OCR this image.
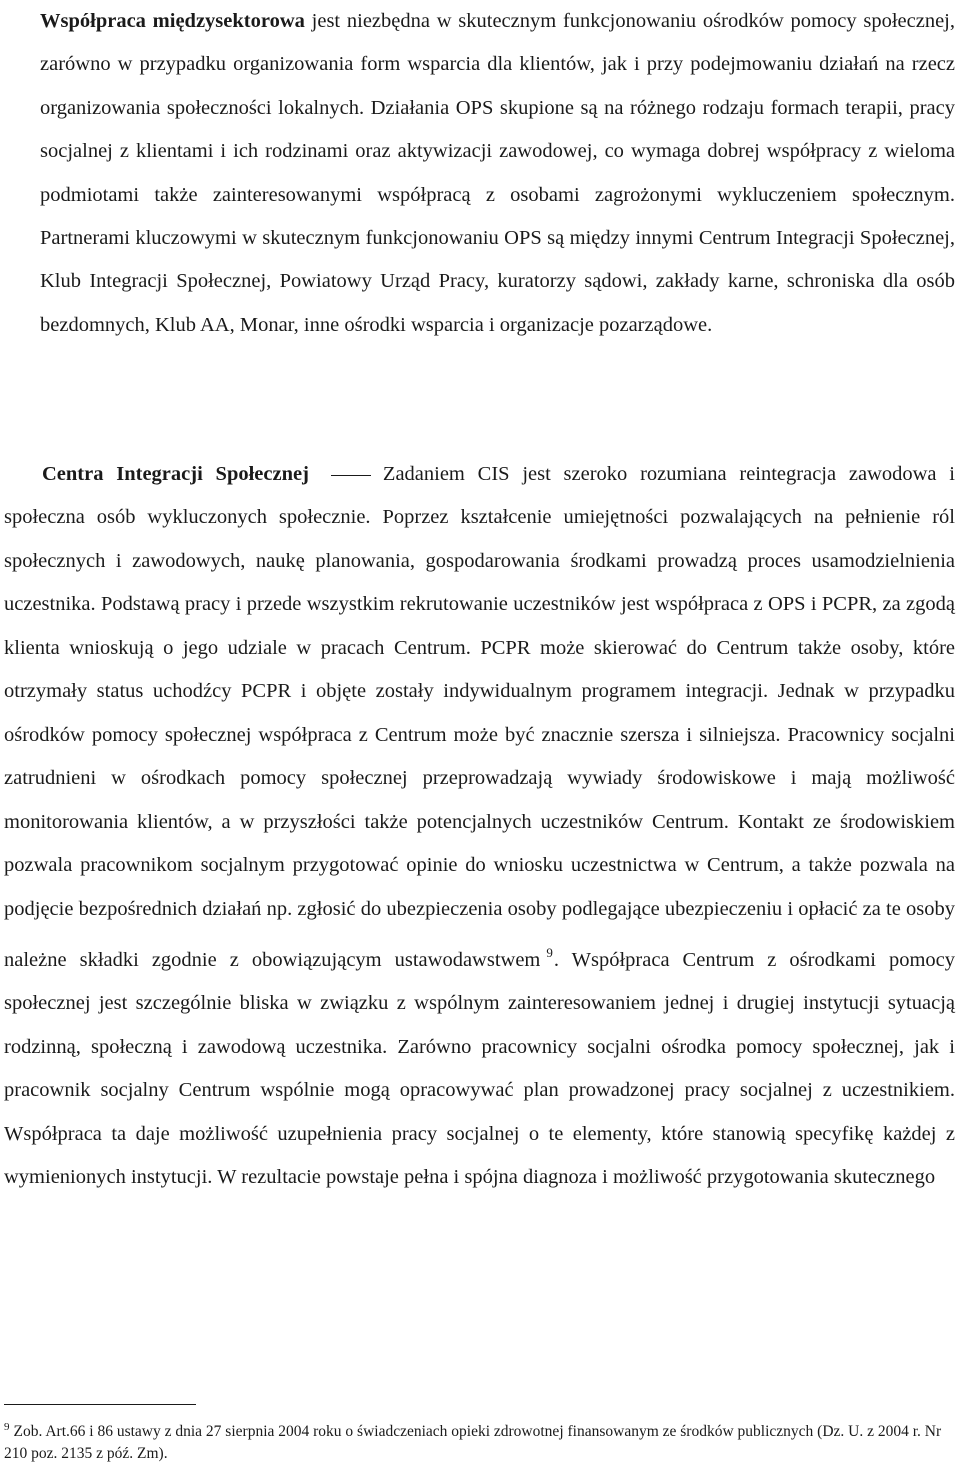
Współpraca międzysektorowa jest niezbędna w skutecznym funkcjonowaniu ośrodków pomocy społecznej, zarówno w przypadku organizowania form wsparcia dla klientów, jak i przy podejmowaniu działań na rzecz organizowania społeczności lokalnych. Działania OPS skupione są na różnego rodzaju formach terapii, pracy socjalnej z klientami i ich rodzinami oraz aktywizacji zawodowej, co wymaga dobrej współpracy z wieloma podmiotami także zainteresowanymi współpracą z osobami zagrożonymi wykluczeniem społecznym. Partnerami kluczowymi w skutecznym funkcjonowaniu OPS są między innymi Centrum Integracji Społecznej, Klub Integracji Społecznej, Powiatowy Urząd Pracy, kuratorzy sądowi, zakłady karne, schroniska dla osób bezdomnych, Klub AA, Monar, inne ośrodki wsparcia i organizacje pozarządowe.

Centra Integracji Społecznej	Zadaniem CIS jest szeroko rozumiana reintegracja zawodowa i społeczna osób wykluczonych społecznie. Poprzez kształcenie umiejętności pozwalających na pełnienie ról społecznych i zawodowych, naukę planowania, gospodarowania środkami prowadzą proces usamodzielnienia uczestnika. Podstawą pracy i przede wszystkim rekrutowanie uczestników jest współpraca z OPS i PCPR, za zgodą klienta wnioskują o jego udziale w pracach Centrum. PCPR może skierować do Centrum także osoby, które otrzymały status uchodźcy PCPR i objęte zostały indywidualnym programem integracji. Jednak w przypadku ośrodków pomocy społecznej współpraca z Centrum może być znacznie szersza i silniejsza. Pracownicy socjalni zatrudnieni w ośrodkach pomocy społecznej przeprowadzają wywiady środowiskowe i mają możliwość monitorowania klientów, a w przyszłości także potencjalnych uczestników Centrum. Kontakt ze środowiskiem pozwala pracownikom socjalnym przygotować opinie do wniosku uczestnictwa w Centrum, a także pozwala na podjęcie bezpośrednich działań np. zgłosić do ubezpieczenia osoby podlegające ubezpieczeniu i opłacić za te osoby należne składki zgodnie z obowiązującym ustawodawstwem $^9$. Współpraca Centrum z ośrodkami pomocy społecznej jest szczególnie bliska w związku z wspólnym zainteresowaniem jednej i drugiej instytucji sytuacją rodzinną, społeczną i zawodową uczestnika. Zarówno pracownicy socjalni ośrodka pomocy społecznej, jak i pracownik socjalny Centrum wspólnie mogą opracowywać plan prowadzonej pracy socjalnej z uczestnikiem. Współpraca ta daje możliwość uzupełnienia pracy socjalnej o te elementy, które stanowią specyfikę każdej z wymienionych instytucji. W rezultacie powstaje pełna i spójna diagnoza i możliwość przygotowania skutecznego

$^9$ Zob. Art.66 i 86 ustawy z dnia 27 sierpnia 2004 roku o świadczeniach opieki zdrowotnej finansowanym ze środków publicznych (Dz. U. z 2004 r. Nr 210 poz. 2135 z póź. Zm).
